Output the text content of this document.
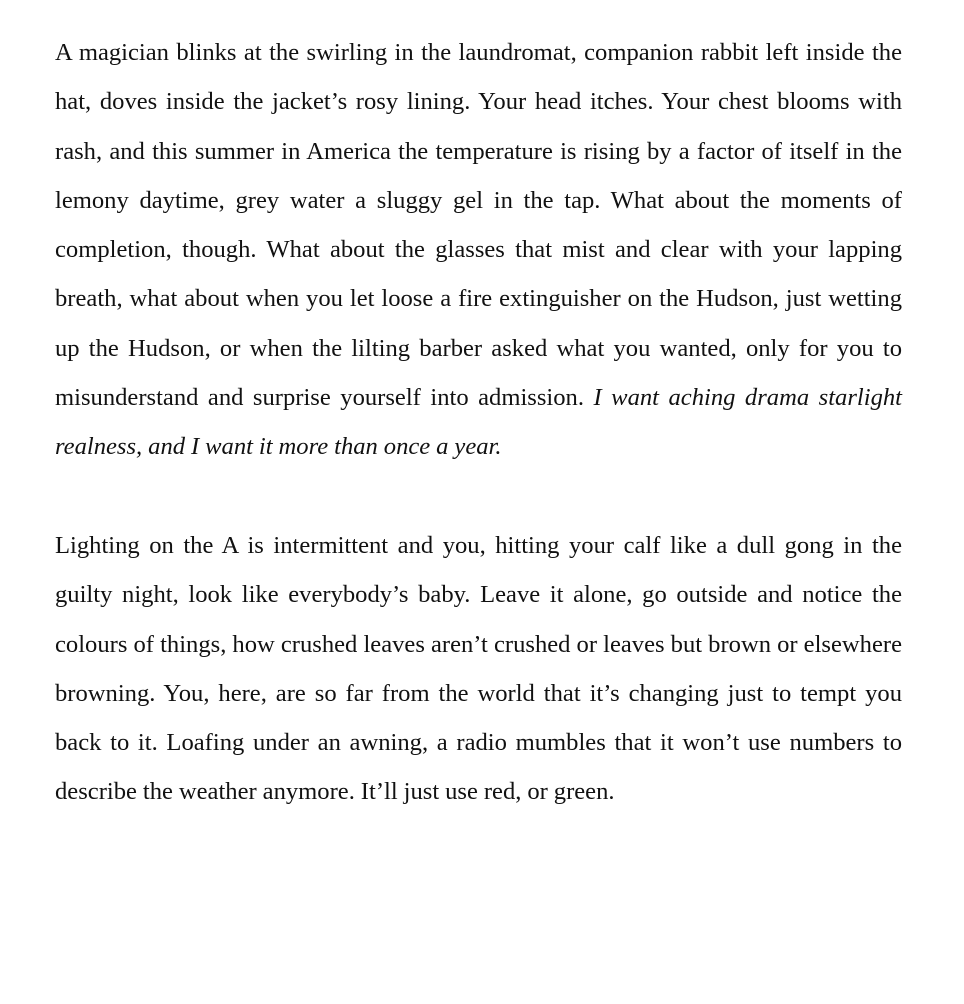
A magician blinks at the swirling in the laundromat, companion rabbit left inside the hat, doves inside the jacket’s rosy lining. Your head itches. Your chest blooms with rash, and this summer in America the temperature is rising by a factor of itself in the lemony daytime, grey water a sluggy gel in the tap. What about the moments of completion, though. What about the glasses that mist and clear with your lapping breath, what about when you let loose a fire extinguisher on the Hudson, just wetting up the Hudson, or when the lilting barber asked what you wanted, only for you to misunderstand and surprise yourself into admission. I want aching drama starlight realness, and I want it more than once a year.

Lighting on the A is intermittent and you, hitting your calf like a dull gong in the guilty night, look like everybody’s baby. Leave it alone, go outside and notice the colours of things, how crushed leaves aren’t crushed or leaves but brown or elsewhere browning. You, here, are so far from the world that it’s changing just to tempt you back to it. Loafing under an awning, a radio mumbles that it won’t use numbers to describe the weather anymore. It’ll just use red, or green.
